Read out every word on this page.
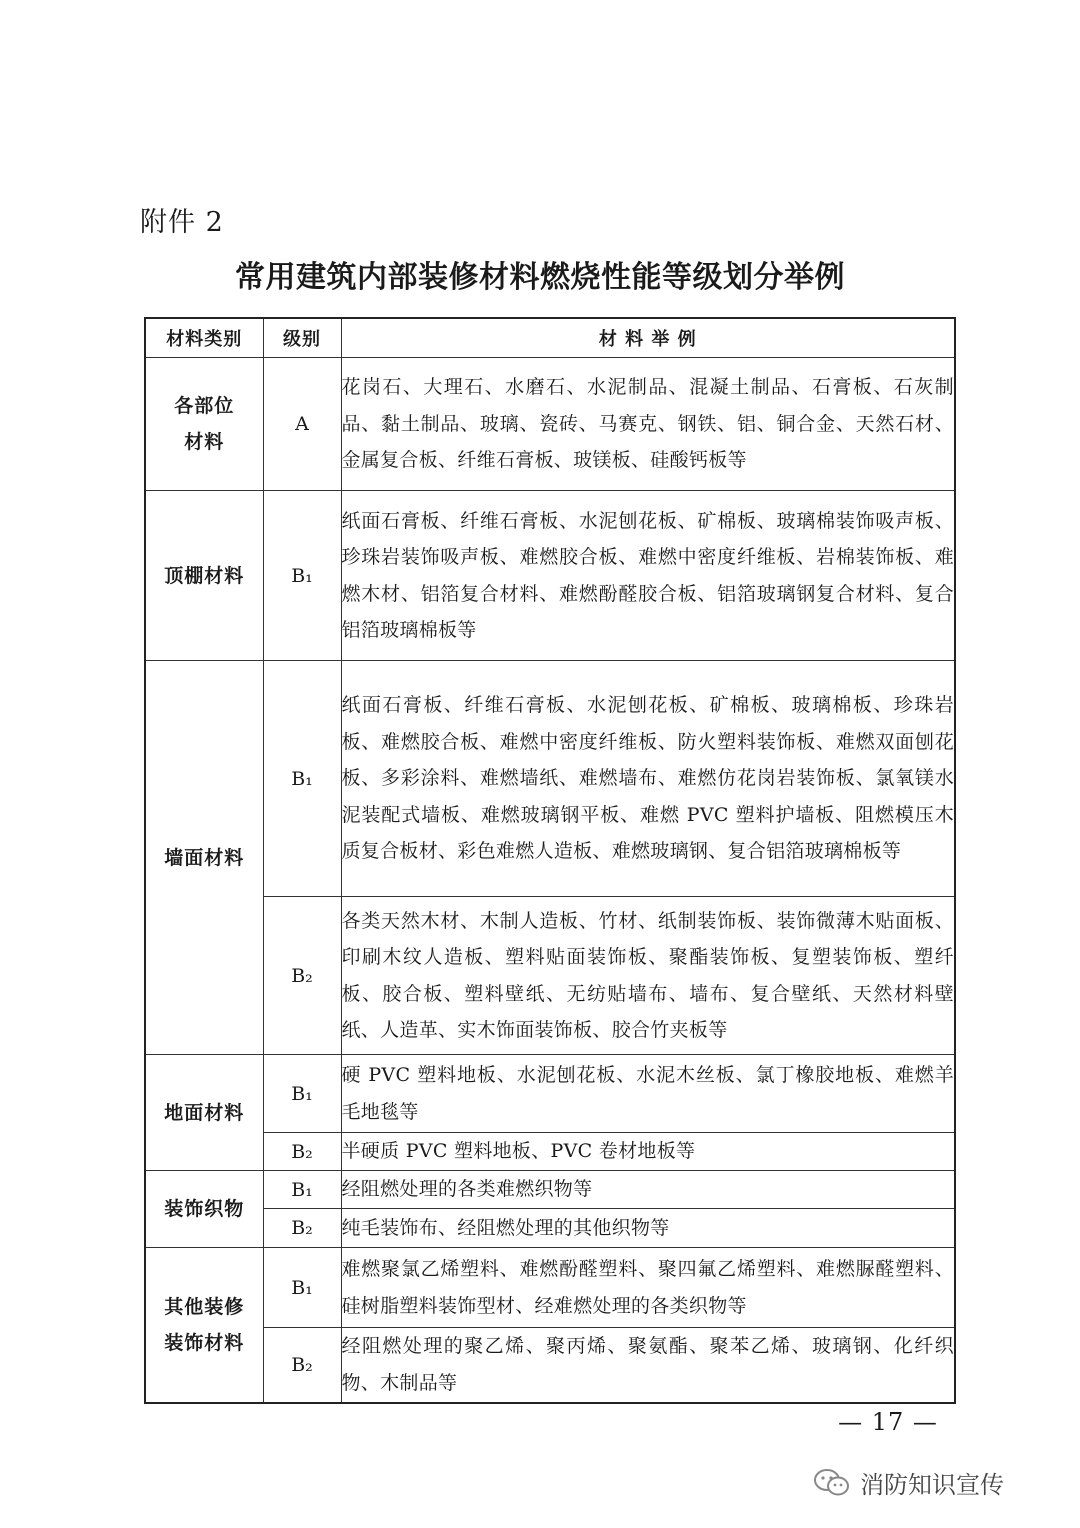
附件 2
常用建筑内部装修材料燃烧性能等级划分举例
材料类别	级别	材 料 举 例

各部位
材料	A	花岗石、大理石、水磨石、水泥制品、混凝土制品、石膏板、石灰制品、黏土制品、玻璃、瓷砖、马赛克、钢铁、铝、铜合金、天然石材、金属复合板、纤维石膏板、玻镁板、硅酸钙板等

顶棚材料	B₁	纸面石膏板、纤维石膏板、水泥刨花板、矿棉板、玻璃棉装饰吸声板、珍珠岩装饰吸声板、难燃胶合板、难燃中密度纤维板、岩棉装饰板、难燃木材、铝箔复合材料、难燃酚醛胶合板、铝箔玻璃钢复合材料、复合铝箔玻璃棉板等

墙面材料	B₁	纸面石膏板、纤维石膏板、水泥刨花板、矿棉板、玻璃棉板、珍珠岩板、难燃胶合板、难燃中密度纤维板、防火塑料装饰板、难燃双面刨花板、多彩涂料、难燃墙纸、难燃墙布、难燃仿花岗岩装饰板、氯氧镁水泥装配式墙板、难燃玻璃钢平板、难燃 PVC 塑料护墙板、阻燃模压木质复合板材、彩色难燃人造板、难燃玻璃钢、复合铝箔玻璃棉板等
	B₂	各类天然木材、木制人造板、竹材、纸制装饰板、装饰微薄木贴面板、印刷木纹人造板、塑料贴面装饰板、聚酯装饰板、复塑装饰板、塑纤板、胶合板、塑料壁纸、无纺贴墙布、墙布、复合壁纸、天然材料壁纸、人造革、实木饰面装饰板、胶合竹夹板等

地面材料	B₁	硬 PVC 塑料地板、水泥刨花板、水泥木丝板、氯丁橡胶地板、难燃羊毛地毯等
	B₂	半硬质 PVC 塑料地板、PVC 卷材地板等

装饰织物	B₁	经阻燃处理的各类难燃织物等
	B₂	纯毛装饰布、经阻燃处理的其他织物等

其他装修
装饰材料	B₁	难燃聚氯乙烯塑料、难燃酚醛塑料、聚四氟乙烯塑料、难燃脲醛塑料、硅树脂塑料装饰型材、经难燃处理的各类织物等
	B₂	经阻燃处理的聚乙烯、聚丙烯、聚氨酯、聚苯乙烯、玻璃钢、化纤织物、木制品等
— 17 —
消防知识宣传
